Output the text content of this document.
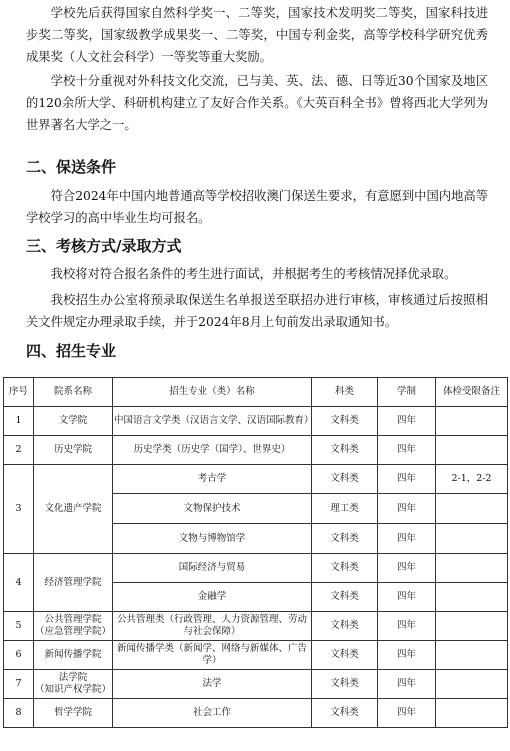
学校先后获得国家自然科学奖一、二等奖，国家技术发明奖二等奖，国家科技进步奖二等奖，国家级教学成果奖一、二等奖，中国专利金奖，高等学校科学研究优秀成果奖（人文社会科学）一等奖等重大奖励。

学校十分重视对外科技文化交流，已与美、英、法、德、日等近30个国家及地区的120余所大学、科研机构建立了友好合作关系。《大英百科全书》曾将西北大学列为世界著名大学之一。

二、保送条件

符合2024年中国内地普通高等学校招收澳门保送生要求，有意愿到中国内地高等学校学习的高中毕业生均可报名。

三、考核方式/录取方式

我校将对符合报名条件的考生进行面试，并根据考生的考核情况择优录取。

我校招生办公室将预录取保送生名单报送至联招办进行审核，审核通过后按照相关文件规定办理录取手续，并于2024年8月上旬前发出录取通知书。

四、招生专业
序号	院系名称	招生专业（类）名称	科类	学制	体检受限备注
1	文学院	中国语言文学类（汉语言文学、汉语国际教育）	文科类	四年	
2	历史学院	历史学类（历史学（国学）、世界史）	文科类	四年	
3	文化遗产学院	考古学	文科类	四年	2-1，2-2
		文物保护技术	理工类	四年	
		文物与博物馆学	文科类	四年	
4	经济管理学院	国际经济与贸易	文科类	四年	
		金融学	文科类	四年	
5	公共管理学院
（应急管理学院）	公共管理类（行政管理、人力资源管理、劳动与社会保障）	文科类	四年	
6	新闻传播学院	新闻传播学类（新闻学、网络与新媒体、广告学）	文科类	四年	
7	法学院
（知识产权学院）	法学	文科类	四年	
8	哲学学院	社会工作	文科类	四年	
